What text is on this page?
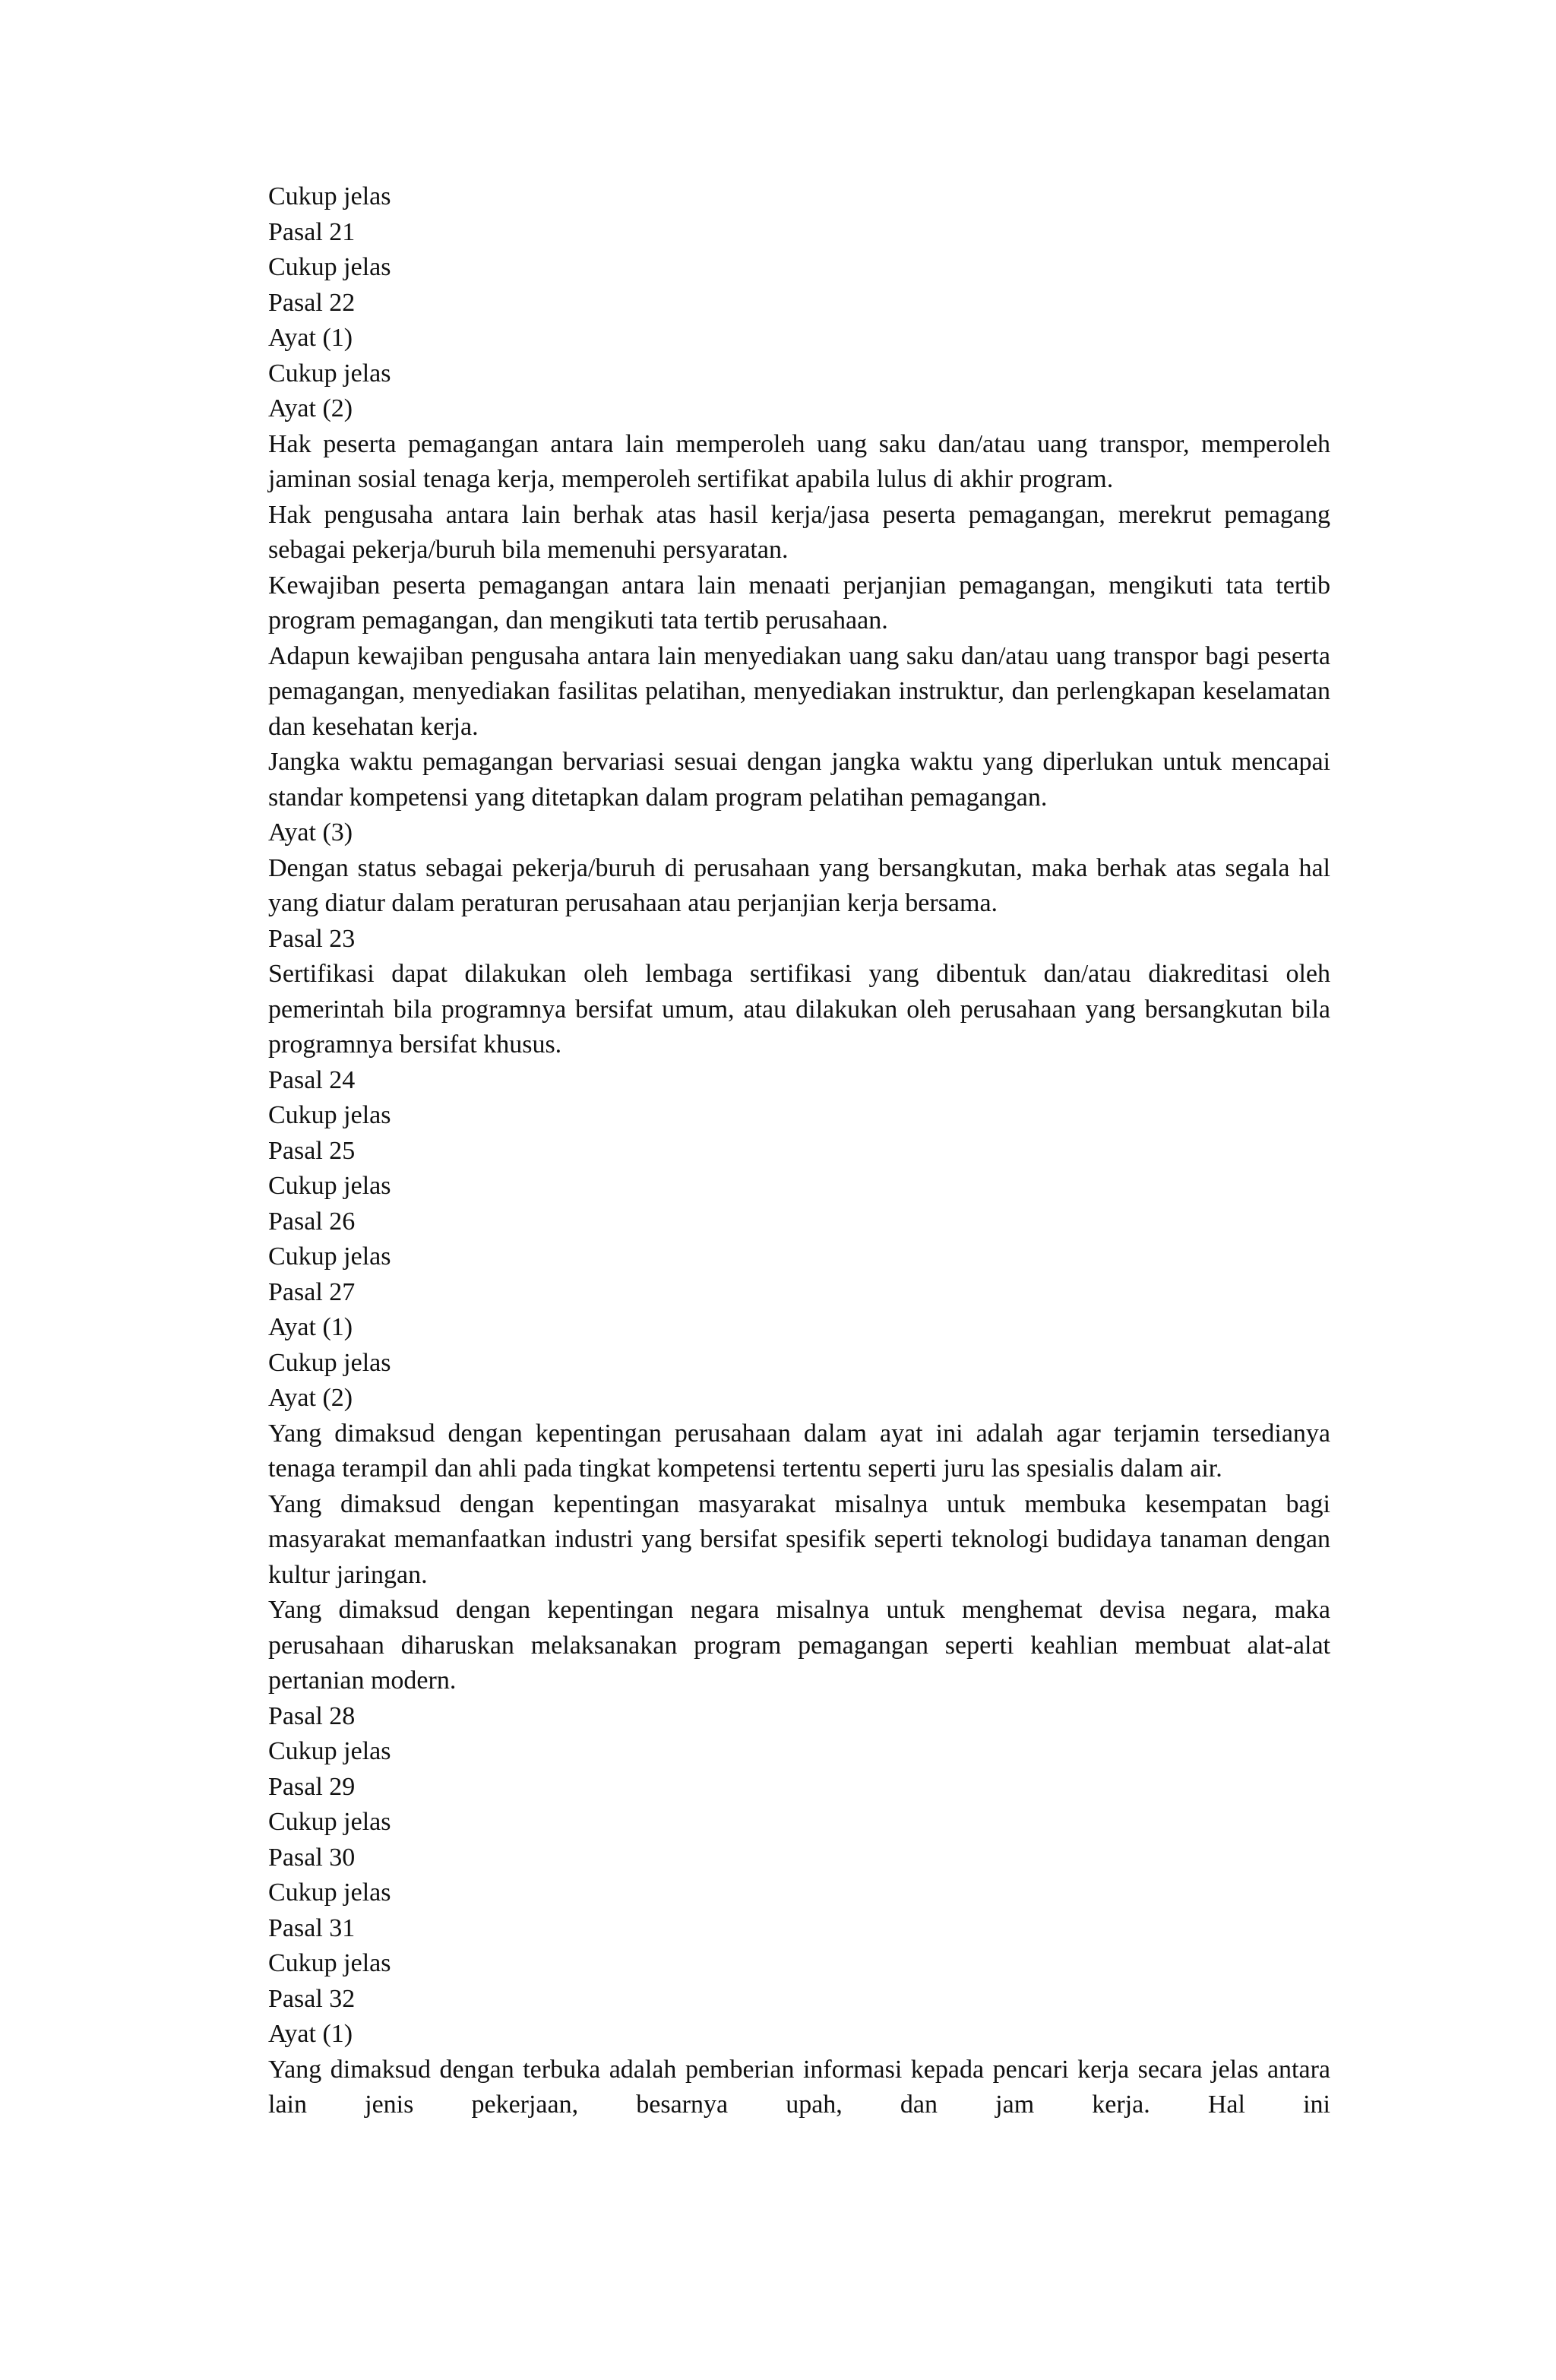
Cukup jelas
Pasal 21
Cukup jelas
Pasal 22
Ayat (1)
Cukup jelas
Ayat (2)
Hak peserta pemagangan antara lain memperoleh uang saku dan/atau uang transpor, memperoleh jaminan sosial tenaga kerja, memperoleh sertifikat apabila lulus di akhir program.
Hak pengusaha antara lain berhak atas hasil kerja/jasa peserta pemagangan, merekrut pemagang sebagai pekerja/buruh bila memenuhi persyaratan.
Kewajiban peserta pemagangan antara lain menaati perjanjian pemagangan, mengikuti tata tertib program pemagangan, dan mengikuti tata tertib perusahaan.
Adapun kewajiban pengusaha antara lain menyediakan uang saku dan/atau uang transpor bagi peserta pemagangan, menyediakan fasilitas pelatihan, menyediakan instruktur, dan perlengkapan keselamatan dan kesehatan kerja.
Jangka waktu pemagangan bervariasi sesuai dengan jangka waktu yang diperlukan untuk mencapai standar kompetensi yang ditetapkan dalam program pelatihan pemagangan.
Ayat (3)
Dengan status sebagai pekerja/buruh di perusahaan yang bersangkutan, maka berhak atas segala hal yang diatur dalam peraturan perusahaan atau perjanjian kerja bersama.
Pasal 23
Sertifikasi dapat dilakukan oleh lembaga sertifikasi yang dibentuk dan/atau diakreditasi oleh pemerintah bila programnya bersifat umum, atau dilakukan oleh perusahaan yang bersangkutan bila programnya bersifat khusus.
Pasal 24
Cukup jelas
Pasal 25
Cukup jelas
Pasal 26
Cukup jelas
Pasal 27
Ayat (1)
Cukup jelas
Ayat (2)
Yang dimaksud dengan kepentingan perusahaan dalam ayat ini adalah agar terjamin tersedianya tenaga terampil dan ahli pada tingkat kompetensi tertentu seperti juru las spesialis dalam air.
Yang dimaksud dengan kepentingan masyarakat misalnya untuk membuka kesempatan bagi masyarakat memanfaatkan industri yang bersifat spesifik seperti teknologi budidaya tanaman dengan kultur jaringan.
Yang dimaksud dengan kepentingan negara misalnya untuk menghemat devisa negara, maka perusahaan diharuskan melaksanakan program pemagangan seperti keahlian membuat alat-alat pertanian modern.
Pasal 28
Cukup jelas
Pasal 29
Cukup jelas
Pasal 30
Cukup jelas
Pasal 31
Cukup jelas
Pasal 32
Ayat (1)
Yang dimaksud dengan terbuka adalah pemberian informasi kepada pencari kerja secara jelas antara lain jenis pekerjaan, besarnya upah, dan jam kerja. Hal ini
